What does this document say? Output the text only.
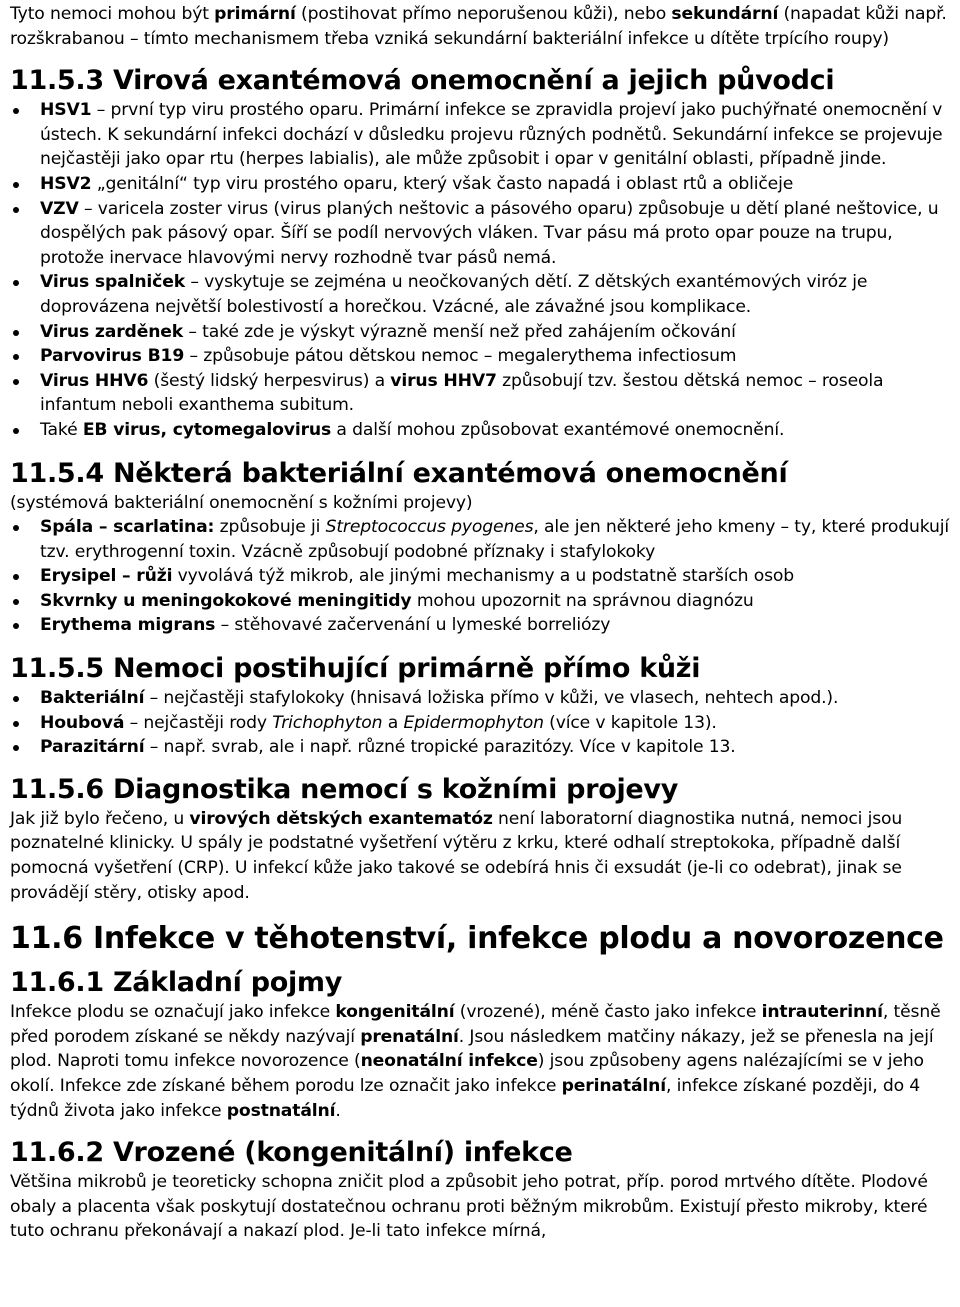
Tyto nemoci mohou být primární (postihovat přímo neporušenou kůži), nebo sekundární (napadat kůži např. rozškrabanou – tímto mechanismem třeba vzniká sekundární bakteriální infekce u dítěte trpícího roupy)

11.5.3 Virová exantémová onemocnění a jejich původci
HSV1 – první typ viru prostého oparu. Primární infekce se zpravidla projeví jako puchýřnaté onemocnění v ústech. K sekundární infekci dochází v důsledku projevu různých podnětů. Sekundární infekce se projevuje nejčastěji jako opar rtu (herpes labialis), ale může způsobit i opar v genitální oblasti, případně jinde.
HSV2 „genitální“ typ viru prostého oparu, který však často napadá i oblast rtů a obličeje
VZV – varicela zoster virus (virus planých neštovic a pásového oparu) způsobuje u dětí plané neštovice, u dospělých pak pásový opar. Šíří se podíl nervových vláken. Tvar pásu má proto opar pouze na trupu, protože inervace hlavovými nervy rozhodně tvar pásů nemá.
Virus spalniček – vyskytuje se zejména u neočkovaných dětí. Z dětských exantémových viróz je doprovázena největší bolestivostí a horečkou. Vzácné, ale závažné jsou komplikace.
Virus zarděnek – také zde je výskyt výrazně menší než před zahájením očkování
Parvovirus B19 – způsobuje pátou dětskou nemoc – megalerythema infectiosum
Virus HHV6 (šestý lidský herpesvirus) a virus HHV7 způsobují tzv. šestou dětská nemoc – roseola infantum neboli exanthema subitum.
Také EB virus, cytomegalovirus a další mohou způsobovat exantémové onemocnění.
11.5.4 Některá bakteriální exantémová onemocnění

(systémová bakteriální onemocnění s kožními projevy)

Spála – scarlatina: způsobuje ji Streptococcus pyogenes, ale jen některé jeho kmeny – ty, které produkují tzv. erythrogenní toxin. Vzácně způsobují podobné příznaky i stafylokoky
Erysipel – růži vyvolává týž mikrob, ale jinými mechanismy a u podstatně starších osob
Skvrnky u meningokokové meningitidy mohou upozornit na správnou diagnózu
Erythema migrans – stěhovavé začervenání u lymeské borreliózy
11.5.5 Nemoci postihující primárně přímo kůži
Bakteriální – nejčastěji stafylokoky (hnisavá ložiska přímo v kůži, ve vlasech, nehtech apod.).
Houbová – nejčastěji rody Trichophyton a Epidermophyton (více v kapitole 13).
Parazitární – např. svrab, ale i např. různé tropické parazitózy. Více v kapitole 13.
11.5.6 Diagnostika nemocí s kožními projevy

Jak již bylo řečeno, u virových dětských exantematóz není laboratorní diagnostika nutná, nemoci jsou poznatelné klinicky. U spály je podstatné vyšetření výtěru z krku, které odhalí streptokoka, případně další pomocná vyšetření (CRP). U infekcí kůže jako takové se odebírá hnis či exsudát (je-li co odebrat), jinak se provádějí stěry, otisky apod.

11.6 Infekce v těhotenství, infekce plodu a novorozence
11.6.1 Základní pojmy

Infekce plodu se označují jako infekce kongenitální (vrozené), méně často jako infekce intrauterinní, těsně před porodem získané se někdy nazývají prenatální. Jsou následkem matčiny nákazy, jež se přenesla na její plod. Naproti tomu infekce novorozence (neonatální infekce) jsou způsobeny agens nalézajícími se v jeho okolí. Infekce zde získané během porodu lze označit jako infekce perinatální, infekce získané později, do 4 týdnů života jako infekce postnatální.

11.6.2 Vrozené (kongenitální) infekce

Většina mikrobů je teoreticky schopna zničit plod a způsobit jeho potrat, příp. porod mrtvého dítěte. Plodové obaly a placenta však poskytují dostatečnou ochranu proti běžným mikrobům. Existují přesto mikroby, které tuto ochranu překonávají a nakazí plod. Je-li tato infekce mírná,
